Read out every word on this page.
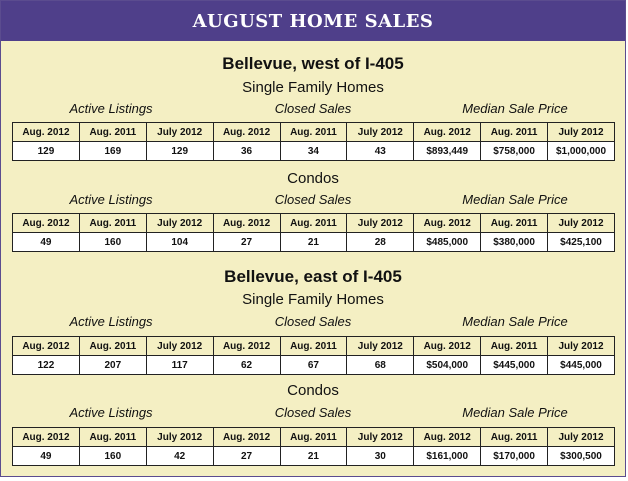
AUGUST HOME SALES
Bellevue, west of I-405
Single Family Homes
Active Listings	Closed Sales	Median Sale Price
Aug. 2012	Aug. 2011	July 2012	Aug. 2012	Aug. 2011	July 2012	Aug. 2012	Aug. 2011	July 2012
129	169	129	36	34	43	$893,449	$758,000	$1,000,000
Condos
Active Listings	Closed Sales	Median Sale Price
Aug. 2012	Aug. 2011	July 2012	Aug. 2012	Aug. 2011	July 2012	Aug. 2012	Aug. 2011	July 2012
49	160	104	27	21	28	$485,000	$380,000	$425,100
Bellevue, east of I-405
Single Family Homes
Active Listings	Closed Sales	Median Sale Price
Aug. 2012	Aug. 2011	July 2012	Aug. 2012	Aug. 2011	July 2012	Aug. 2012	Aug. 2011	July 2012
122	207	117	62	67	68	$504,000	$445,000	$445,000
Condos
Active Listings	Closed Sales	Median Sale Price
Aug. 2012	Aug. 2011	July 2012	Aug. 2012	Aug. 2011	July 2012	Aug. 2012	Aug. 2011	July 2012
49	160	42	27	21	30	$161,000	$170,000	$300,500
